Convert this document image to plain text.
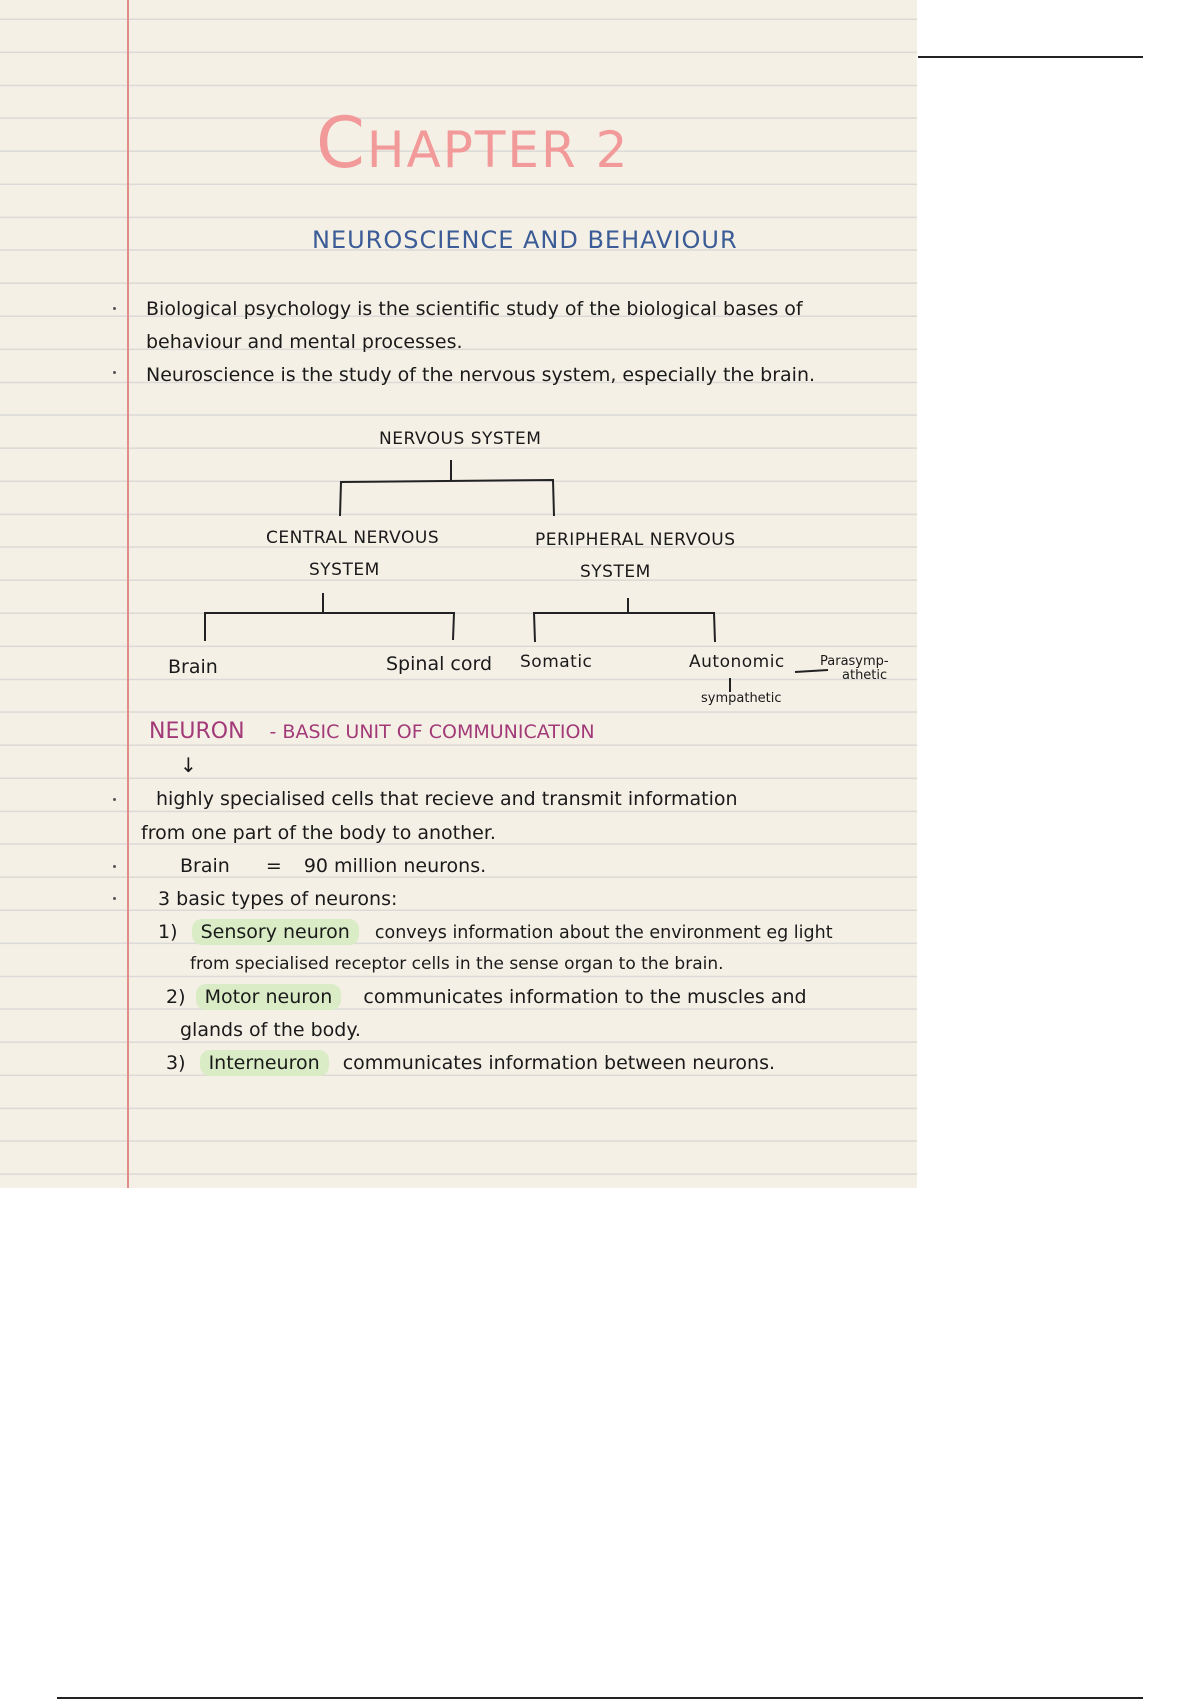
CHAPTER 2
NEUROSCIENCE AND BEHAVIOUR
Biological psychology is the scientific study of the biological bases of
behaviour and mental processes.
Neuroscience is the study of the nervous system, especially the brain.
NERVOUS SYSTEM
CENTRAL NERVOUS
SYSTEM
PERIPHERAL NERVOUS
SYSTEM
Brain	Spinal cord Somatic	Autonomic	Parasymp-
athetic
sympathetic
NEURON - BASIC UNIT OF COMMUNICATION
↓
highly specialised cells that recieve and transmit information
from one part of the body to another.
Brain = 90 million neurons.
3 basic types of neurons:
1) Sensory neuron conveys information about the environment eg light
from specialised receptor cells in the sense organ to the brain.
2) Motor neuron communicates information to the muscles and
glands of the body.
3) Interneuron communicates information between neurons.
